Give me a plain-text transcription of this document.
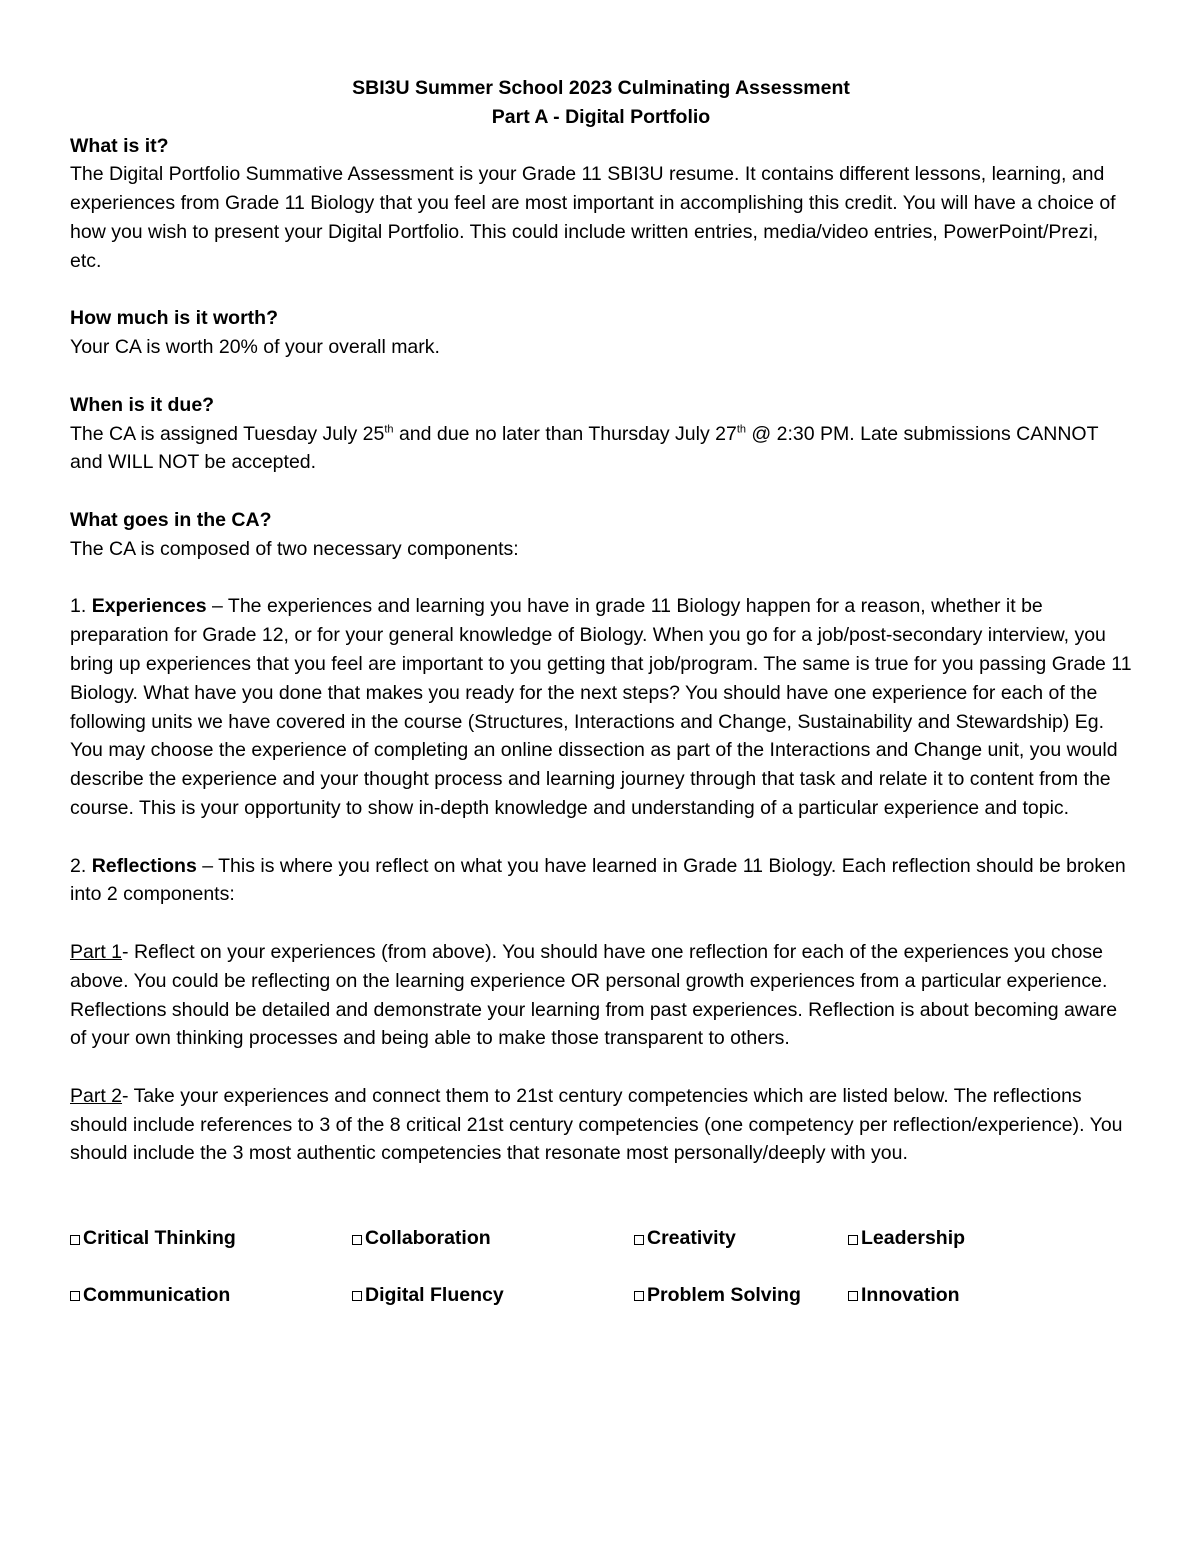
SBI3U Summer School 2023 Culminating Assessment

Part A - Digital Portfolio

What is it?

The Digital Portfolio Summative Assessment is your Grade 11 SBI3U resume. It contains different lessons, learning, and experiences from Grade 11 Biology that you feel are most important in accomplishing this credit. You will have a choice of how you wish to present your Digital Portfolio. This could include written entries, media/video entries, PowerPoint/Prezi, etc.

How much is it worth?

Your CA is worth 20% of your overall mark.

When is it due?

The CA is assigned Tuesday July 25th and due no later than Thursday July 27th @ 2:30 PM. Late submissions CANNOT and WILL NOT be accepted.

What goes in the CA?

The CA is composed of two necessary components:

1. Experiences – The experiences and learning you have in grade 11 Biology happen for a reason, whether it be preparation for Grade 12, or for your general knowledge of Biology. When you go for a job/post-secondary interview, you bring up experiences that you feel are important to you getting that job/program. The same is true for you passing Grade 11 Biology. What have you done that makes you ready for the next steps? You should have one experience for each of the following units we have covered in the course (Structures, Interactions and Change, Sustainability and Stewardship) Eg. You may choose the experience of completing an online dissection as part of the Interactions and Change unit, you would describe the experience and your thought process and learning journey through that task and relate it to content from the course. This is your opportunity to show in-depth knowledge and understanding of a particular experience and topic.

2. Reflections – This is where you reflect on what you have learned in Grade 11 Biology. Each reflection should be broken into 2 components:

Part 1- Reflect on your experiences (from above). You should have one reflection for each of the experiences you chose above. You could be reflecting on the learning experience OR personal growth experiences from a particular experience. Reflections should be detailed and demonstrate your learning from past experiences. Reflection is about becoming aware of your own thinking processes and being able to make those transparent to others.

Part 2- Take your experiences and connect them to 21st century competencies which are listed below. The reflections should include references to 3 of the 8 critical 21st century competencies (one competency per reflection/experience). You should include the 3 most authentic competencies that resonate most personally/deeply with you.

Critical Thinking	Collaboration	Creativity	Leadership
Communication	Digital Fluency	Problem Solving	Innovation
